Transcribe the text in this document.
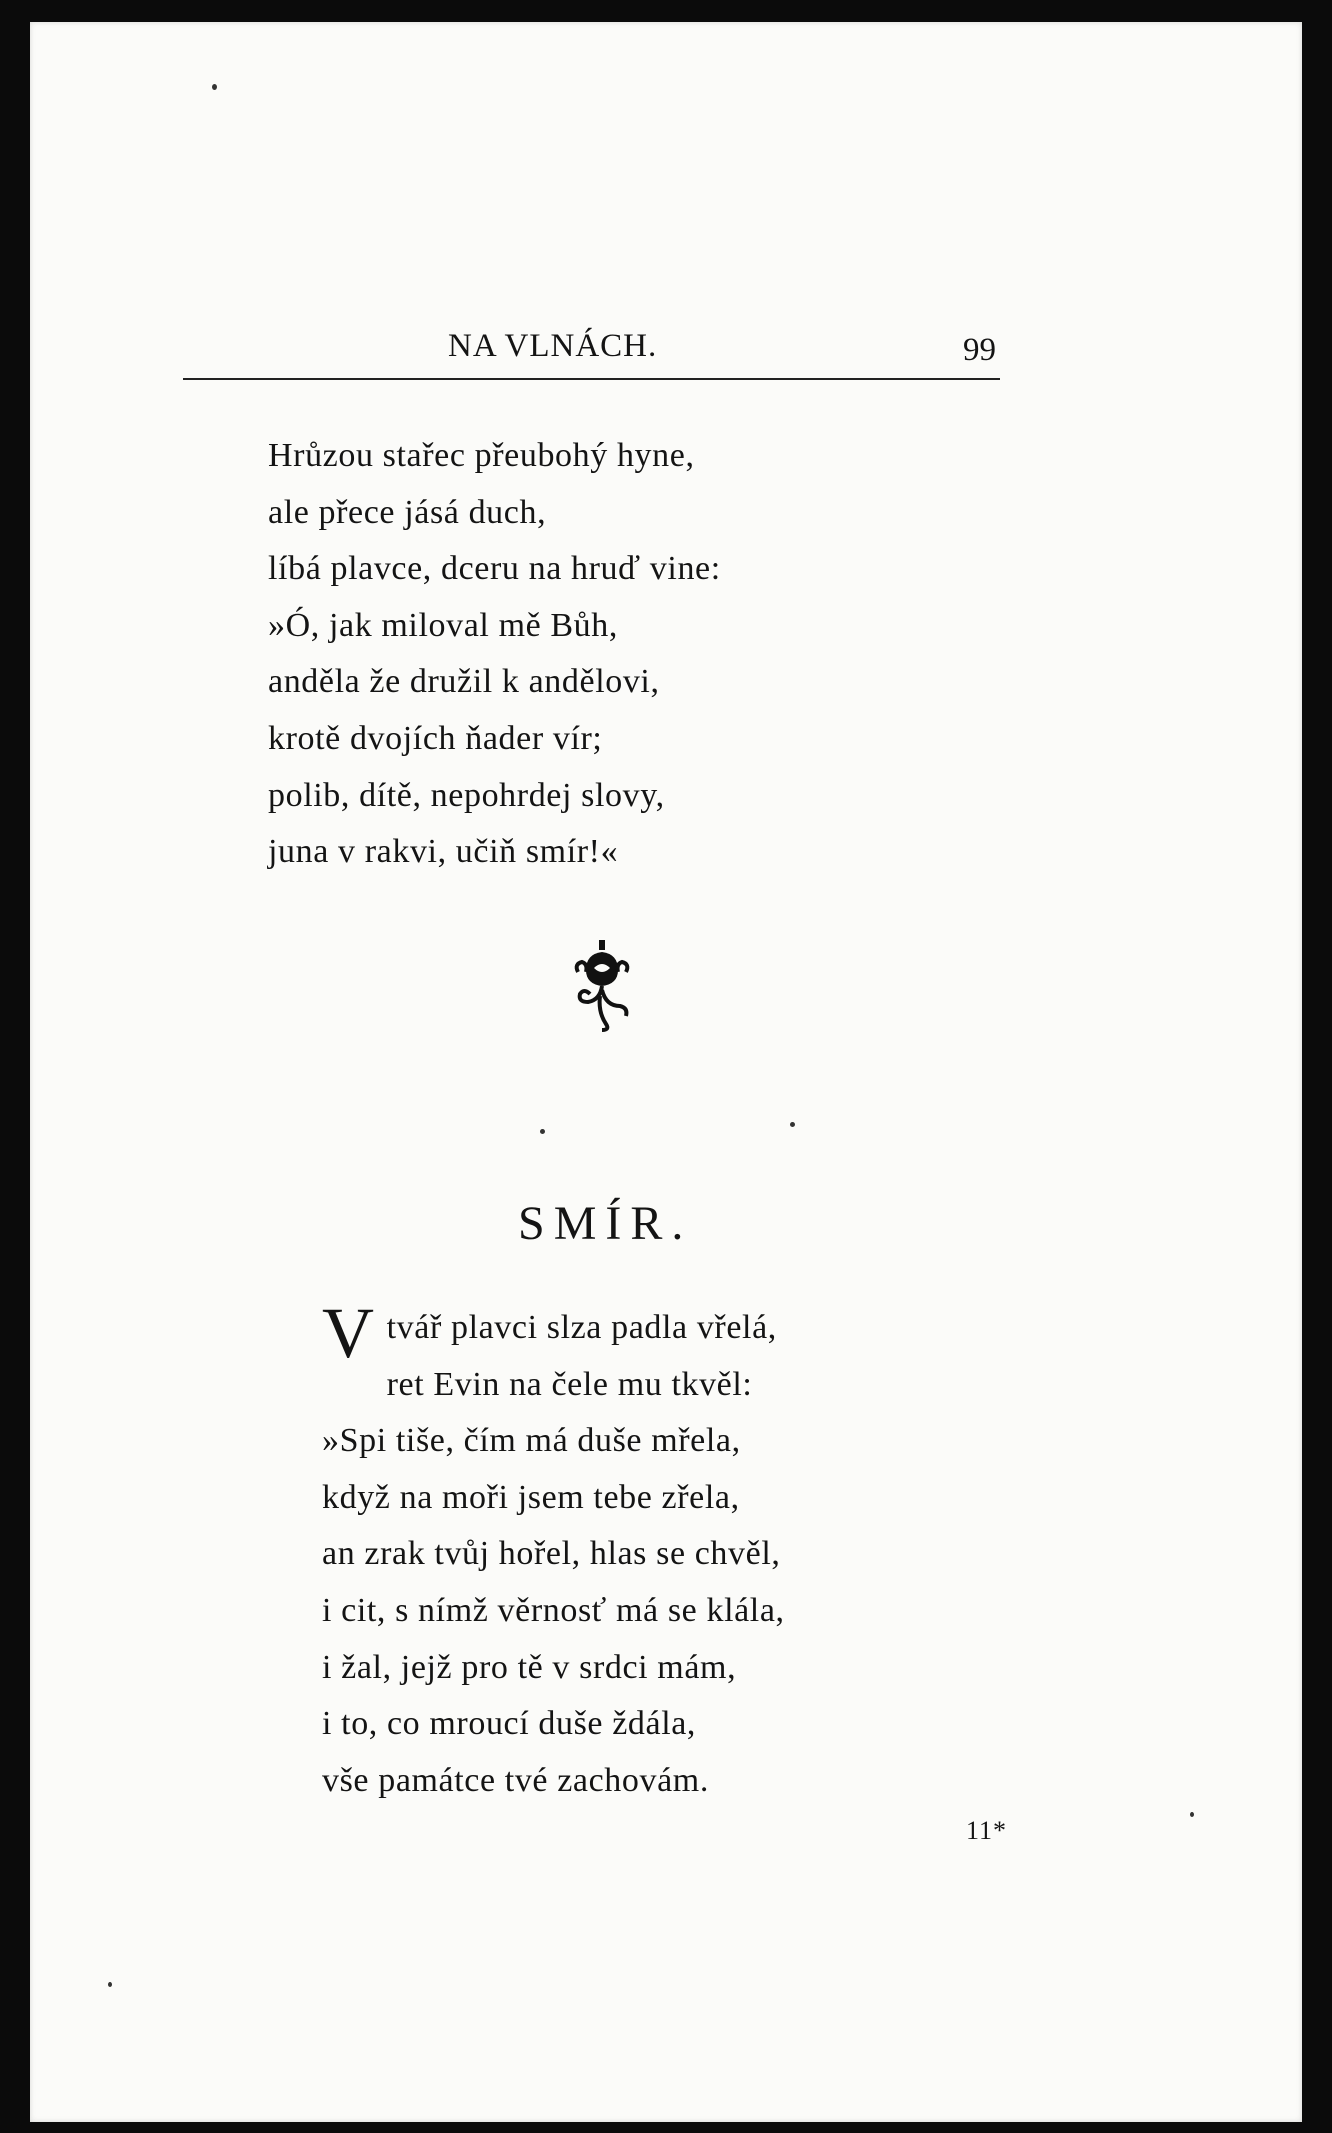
NA VLNÁCH.	99
Hrůzou stařec přeubohý hyne,
ale přece jásá duch,
líbá plavce, dceru na hruď vine:
»Ó, jak miloval mě Bůh,
anděla že družil k andělovi,
krotě dvojích ňader vír;
polib, dítě, nepohrdej slovy,
juna v rakvi, učiň smír!«
SMÍR.
V tvář plavci slza padla vřelá,
ret Evin na čele mu tkvěl:
»Spi tiše, čím má duše mřela,
když na moři jsem tebe zřela,
an zrak tvůj hořel, hlas se chvěl,
i cit, s nímž věrnosť má se klála,
i žal, jejž pro tě v srdci mám,
i to, co mroucí duše ždála,
vše památce tvé zachovám.
11*
